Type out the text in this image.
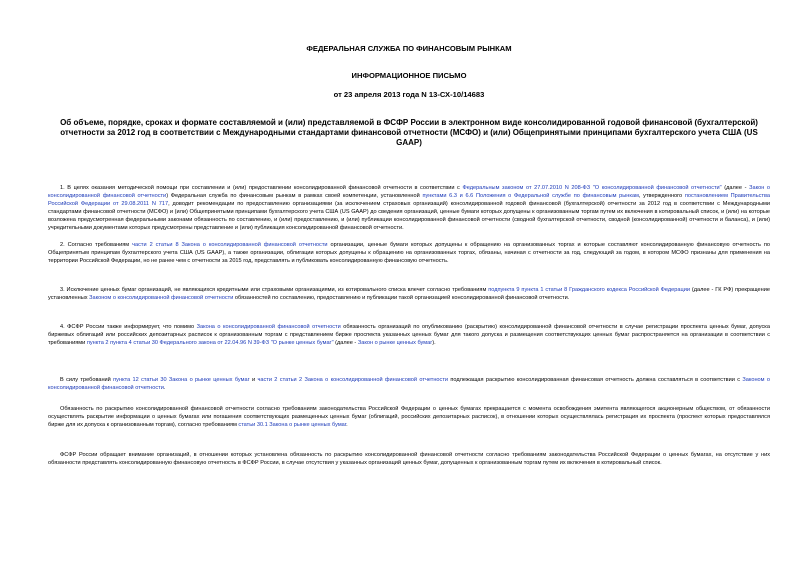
ФЕДЕРАЛЬНАЯ СЛУЖБА ПО ФИНАНСОВЫМ РЫНКАМ
ИНФОРМАЦИОННОЕ ПИСЬМО
от 23 апреля 2013 года N 13-СХ-10/14683
Об объеме, порядке, сроках и формате составляемой и (или) представляемой в ФСФР России в электронном виде консолидированной годовой финансовой (бухгалтерской) отчетности за 2012 год в соответствии с Международными стандартами финансовой отчетности (МСФО) и (или) Общепринятыми принципами бухгалтерского учета США (US GAAP)
1. В целях оказания методической помощи при составлении и (или) предоставлении консолидированной финансовой отчетности в соответствии с Федеральным законом от 27.07.2010 N 208-ФЗ "О консолидированной финансовой отчетности" (далее - Закон о консолидированной финансовой отчетности) Федеральная служба по финансовым рынкам в рамках своей компетенции, установленной пунктами 6.3 и 6.6 Положения о Федеральной службе по финансовым рынкам, утвержденного постановлением Правительства Российской Федерации от 29.08.2011 N 717, доводит рекомендации по предоставлению организациями (за исключением страховых организаций) консолидированной годовой финансовой (бухгалтерской) отчетности за 2012 год в соответствии с Международными стандартами финансовой отчетности (МСФО) и (или) Общепринятыми принципами бухгалтерского учета США (US GAAP) до сведения организаций, ценные бумаги которых допущены к организованным торгам путем их включения в котировальный список, и (или) на которые возложена предусмотренная федеральными законами обязанность по составлению, и (или) предоставлению, и (или) публикации консолидированной финансовой отчетности (сводной бухгалтерской отчетности, сводной (консолидированной) отчетности и баланса), и (или) учредительными документами которых предусмотрены представление и (или) публикация консолидированной финансовой отчетности.
2. Согласно требованиям части 2 статьи 8 Закона о консолидированной финансовой отчетности организации, ценные бумаги которых допущены к обращению на организованных торгах и которые составляют консолидированную финансовую отчетность по Общепринятым принципам бухгалтерского учета США (US GAAP), а также организации, облигации которых допущены к обращению на организованных торгах, обязаны, начиная с отчетности за год, следующий за годом, в котором МСФО признаны для применения на территории Российской Федерации, но не ранее чем с отчетности за 2015 год, представлять и публиковать консолидированную финансовую отчетность.
3. Исключение ценных бумаг организаций, не являющихся кредитными или страховыми организациями, из котировального списка влечет согласно требованиям подпункта 9 пункта 1 статьи 8 Гражданского кодекса Российской Федерации (далее - ГК РФ) прекращение установленных Законом о консолидированной финансовой отчетности обязанностей по составлению, предоставлению и публикации такой организацией консолидированной финансовой отчетности.
4. ФСФР России также информирует, что помимо Закона о консолидированной финансовой отчетности обязанность организаций по опубликованию (раскрытию) консолидированной финансовой отчетности в случае регистрации проспекта ценных бумаг, допуска биржевых облигаций или российских депозитарных расписок к организованным торгам с представлением бирже проспекта указанных ценных бумаг для такого допуска и размещения соответствующих ценных бумаг распространяется на организации в соответствии с требованиями пункта 2 пункта 4 статьи 30 Федерального закона от 22.04.96 N 39-ФЗ "О рынке ценных бумаг" (далее - Закон о рынке ценных бумаг).
В силу требований пункта 12 статьи 30 Закона о рынке ценных бумаг и части 2 статьи 2 Закона о консолидированной финансовой отчетности подлежащая раскрытию консолидированная финансовая отчетность должна составляться в соответствии с Законом о консолидированной финансовой отчетности.
Обязанность по раскрытию консолидированной финансовой отчетности согласно требованиям законодательства Российской Федерации о ценных бумагах прекращается с момента освобождения эмитента являющегося акционерным обществом, от обязанности осуществлять раскрытие информации о ценных бумагах или погашения соответствующих размещенных ценных бумаг (облигаций, российских депозитарных расписок), в отношении которых осуществлялась регистрация их проспекта (проспект которых предоставлялся бирже для их допуска к организованным торгам), согласно требованиям статьи 30.1 Закона о рынке ценных бумаг.
ФСФР России обращает внимание организаций, в отношении которых установлена обязанность по раскрытию консолидированной финансовой отчетности согласно требованиям законодательства Российской Федерации о ценных бумагах, на отсутствие у них обязанности представлять консолидированную финансовую отчетность в ФСФР России, в случае отсутствия у указанных организаций ценных бумаг, допущенных к организованным торгам путем их включения в котировальный список.
